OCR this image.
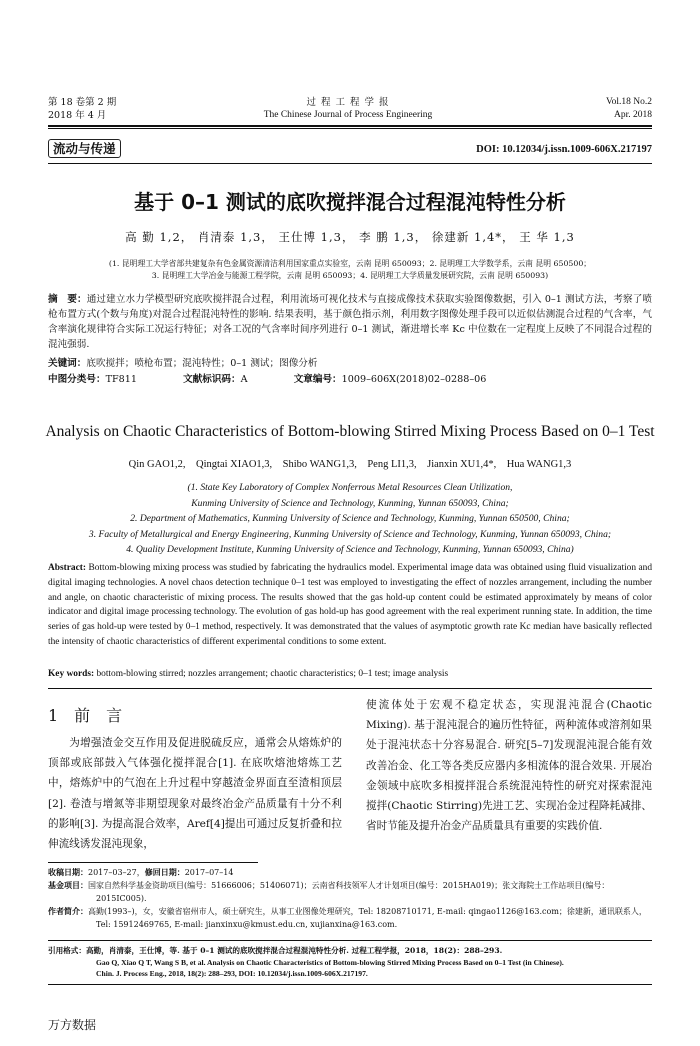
第 18 卷第 2 期
2018 年 4 月
过 程 工 程 学 报
The Chinese Journal of Process Engineering
Vol.18 No.2
Apr. 2018
流动与传递	DOI: 10.12034/j.issn.1009-606X.217197
基于 0–1 测试的底吹搅拌混合过程混沌特性分析
高 勤 1,2， 肖清泰 1,3， 王仕博 1,3， 李 鹏 1,3， 徐建新 1,4*， 王 华 1,3
(1. 昆明理工大学省部共建复杂有色金属资源清洁利用国家重点实验室，云南 昆明 650093；2. 昆明理工大学数学系，云南 昆明 650500；
3. 昆明理工大学冶金与能源工程学院，云南 昆明 650093；4. 昆明理工大学质量发展研究院，云南 昆明 650093)
摘　要：通过建立水力学模型研究底吹搅拌混合过程，利用流场可视化技术与直接成像技术获取实验图像数据，引入 0–1 测试方法，考察了喷枪布置方式(个数与角度)对混合过程混沌特性的影响. 结果表明，基于颜色指示剂，利用数字图像处理手段可以近似估测混合过程的气含率，气含率演化规律符合实际工况运行特征；对各工况的气含率时间序列进行 0–1 测试，渐进增长率 Kc 中位数在一定程度上反映了不同混合过程的混沌强弱.
关键词：底吹搅拌；喷枪布置；混沌特性；0–1 测试；图像分析
中图分类号：TF811	文献标识码：A	文章编号：1009–606X(2018)02–0288–06
Analysis on Chaotic Characteristics of Bottom-blowing Stirred Mixing Process Based on 0–1 Test
Qin GAO1,2,    Qingtai XIAO1,3,    Shibo WANG1,3,    Peng LI1,3,    Jianxin XU1,4*,    Hua WANG1,3
(1. State Key Laboratory of Complex Nonferrous Metal Resources Clean Utilization,
Kunming University of Science and Technology, Kunming, Yunnan 650093, China;
2. Department of Mathematics, Kunming University of Science and Technology, Kunming, Yunnan 650500, China;
3. Faculty of Metallurgical and Energy Engineering, Kunming University of Science and Technology, Kunming, Yunnan 650093, China;
4. Quality Development Institute, Kunming University of Science and Technology, Kunming, Yunnan 650093, China)
Abstract: Bottom-blowing mixing process was studied by fabricating the hydraulics model. Experimental image data was obtained using fluid visualization and digital imaging technologies. A novel chaos detection technique 0–1 test was employed to investigating the effect of nozzles arrangement, including the number and angle, on chaotic characteristic of mixing process. The results showed that the gas hold-up content could be estimated approximately by means of color indicator and digital image processing technology. The evolution of gas hold-up has good agreement with the real experiment running state. In addition, the time series of gas hold-up were tested by 0–1 method, respectively. It was demonstrated that the values of asymptotic growth rate Kc median have basically reflected the intensity of chaotic characteristics of different experimental conditions to some extent.
Key words: bottom-blowing stirred; nozzles arrangement; chaotic characteristics; 0–1 test; image analysis
1　前　言
为增强渣金交互作用及促进脱硫反应，通常会从熔炼炉的顶部或底部鼓入气体强化搅拌混合[1]. 在底吹熔池熔炼工艺中，熔炼炉中的气泡在上升过程中穿越渣金界面直至渣相顶层[2]. 卷渣与增氮等非期望现象对最终冶金产品质量有十分不利的影响[3]. 为提高混合效率，Aref[4]提出可通过反复折叠和拉伸流线诱发混沌现象，
使流体处于宏观不稳定状态，实现混沌混合(Chaotic Mixing). 基于混沌混合的遍历性特征，两种流体或溶剂如果处于混沌状态十分容易混合. 研究[5–7]发现混沌混合能有效改善冶金、化工等各类反应器内多相流体的混合效果. 开展冶金领域中底吹多相搅拌混合系统混沌特性的研究对探索混沌搅拌(Chaotic Stirring)先进工艺、实现冶金过程降耗减排、省时节能及提升冶金产品质量具有重要的实践价值.
收稿日期：2017–03–27，修回日期：2017–07–14
基金项目：国家自然科学基金资助项目(编号：51666006；51406071)；云南省科技领军人才计划项目(编号：2015HA019)；张文海院士工作站项目(编号：2015IC005).
作者简介：高勤(1993–)，女，安徽省宿州市人，硕士研究生，从事工业图像处理研究，Tel: 18208710171, E-mail: qingao1126@163.com；徐建新，通讯联系人，Tel: 15912469765, E-mail: jianxinxu@kmust.edu.cn, xujianxina@163.com.
引用格式：高勤，肖清泰，王仕博，等. 基于 0–1 测试的底吹搅拌混合过程混沌特性分析. 过程工程学报，2018，18(2)：288–293.
Gao Q, Xiao Q T, Wang S B, et al. Analysis on Chaotic Characteristics of Bottom-blowing Stirred Mixing Process Based on 0–1 Test (in Chinese).
Chin. J. Process Eng., 2018, 18(2): 288–293, DOI: 10.12034/j.issn.1009-606X.217197.
万方数据
